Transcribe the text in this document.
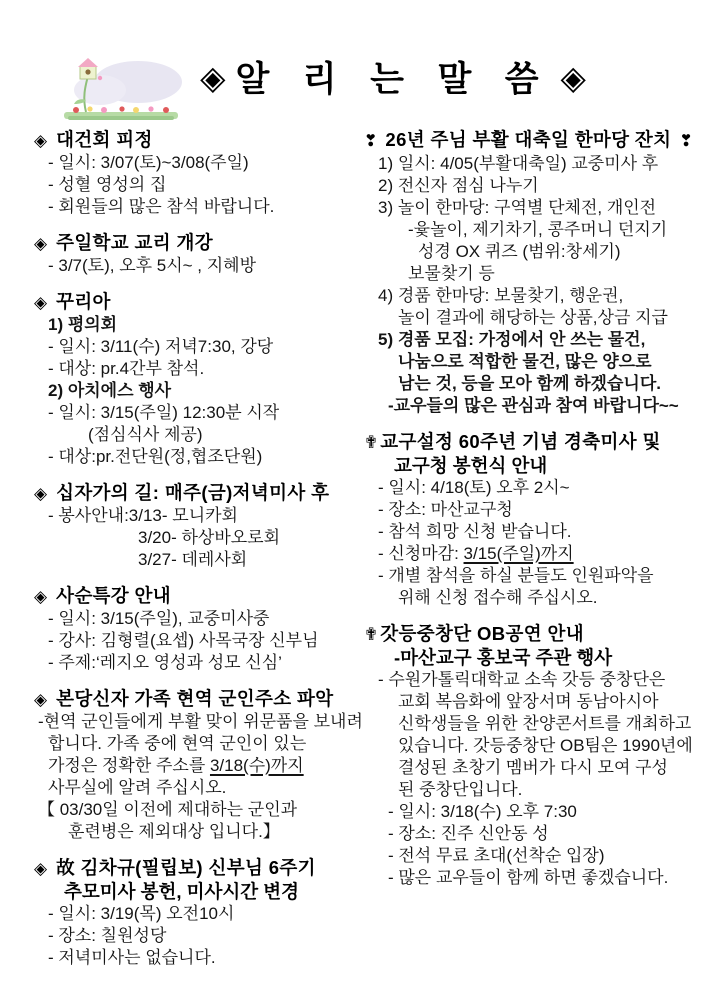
◈ 알 리 는 말 씀 ◈
◈ 대건회 피정
- 일시: 3/07(토)~3/08(주일)
- 성혈 영성의 집
- 회원들의 많은 참석 바랍니다.
◈ 주일학교 교리 개강
- 3/7(토), 오후 5시~ , 지혜방
◈ 꾸리아
1) 평의회
- 일시: 3/11(수) 저녁7:30, 강당
- 대상: pr.4간부 참석.
2) 아치에스 행사
- 일시: 3/15(주일) 12:30분 시작
(점심식사 제공)
- 대상:pr.전단원(정,협조단원)
◈ 십자가의 길: 매주(금)저녁미사 후
- 봉사안내:3/13- 모니카회
3/20- 하상바오로회
3/27- 데레사회
◈ 사순특강 안내
- 일시: 3/15(주일), 교중미사중
- 강사: 김형렬(요셉) 사목국장 신부님
- 주제:‘레지오 영성과 성모 신심’
◈ 본당신자 가족 현역 군인주소 파악
-현역 군인들에게 부활 맞이 위문품을 보내려
합니다. 가족 중에 현역 군인이 있는
가정은 정확한 주소를 3/18(수)까지
사무실에 알려 주십시오.
【 03/30일 이전에 제대하는 군인과
훈련병은 제외대상 입니다.】
◈ 故 김차규(필립보) 신부님 6주기
추모미사 봉헌, 미사시간 변경
- 일시: 3/19(목) 오전10시
- 장소: 칠원성당
- 저녁미사는 없습니다.
❣ 26년 주님 부활 대축일 한마당 잔치 ❣
1) 일시: 4/05(부활대축일) 교중미사 후
2) 전신자 점심 나누기
3) 놀이 한마당: 구역별 단체전, 개인전
-윷놀이, 제기차기, 콩주머니 던지기
성경 OX 퀴즈 (범위:창세기)
보물찾기 등
4) 경품 한마당: 보물찾기, 행운권,
놀이 결과에 해당하는 상품,상금 지급
5) 경품 모집: 가정에서 안 쓰는 물건,
나눔으로 적합한 물건, 많은 양으로
남는 것, 등을 모아 함께 하겠습니다.
-교우들의 많은 관심과 참여 바랍니다~~
✟ 교구설정 60주년 기념 경축미사 및
교구청 봉헌식 안내
- 일시: 4/18(토) 오후 2시~
- 장소: 마산교구청
- 참석 희망 신청 받습니다.
- 신청마감: 3/15(주일)까지
- 개별 참석을 하실 분들도 인원파악을
위해 신청 접수해 주십시오.
✟ 갓등중창단 OB공연 안내
-마산교구 홍보국 주관 행사
- 수원가톨릭대학교 소속 갓등 중창단은
교회 복음화에 앞장서며 동남아시아
신학생들을 위한 찬양콘서트를 개최하고
있습니다. 갓등중창단 OB팀은 1990년에
결성된 초창기 멤버가 다시 모여 구성
된 중창단입니다.
- 일시: 3/18(수) 오후 7:30
- 장소: 진주 신안동 성
- 전석 무료 초대(선착순 입장)
- 많은 교우들이 함께 하면 좋겠습니다.
